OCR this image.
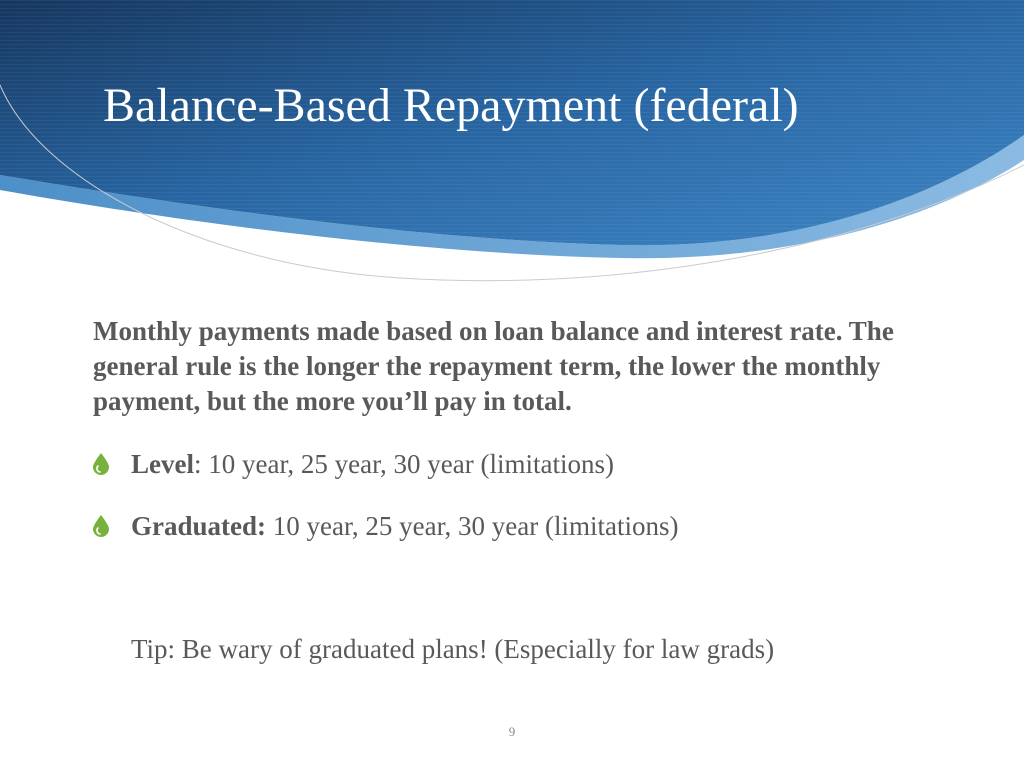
Balance-Based Repayment (federal)

Monthly payments made based on loan balance and interest rate. The general rule is the longer the repayment term, the lower the monthly payment, but the more you’ll pay in total.

Level: 10 year, 25 year, 30 year (limitations)
Graduated: 10 year, 25 year, 30 year (limitations)

Tip: Be wary of graduated plans! (Especially for law grads)

9
